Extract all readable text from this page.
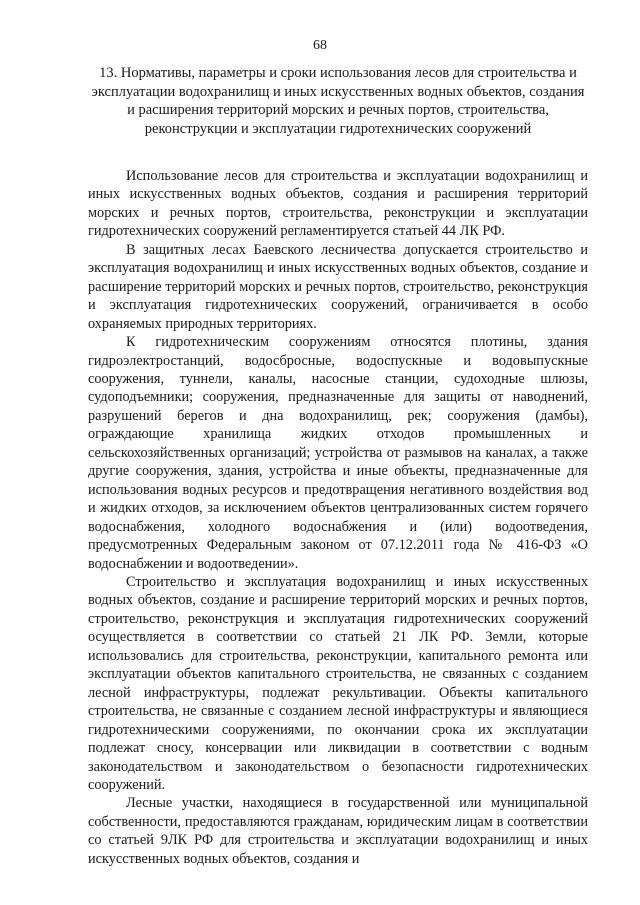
68
13. Нормативы, параметры и сроки использования лесов для строительства и эксплуатации водохранилищ и иных искусственных водных объектов, создания и расширения территорий морских и речных портов, строительства, реконструкции и эксплуатации гидротехнических сооружений

Использование лесов для строительства и эксплуатации водохранилищ и иных искусственных водных объектов, создания и расширения территорий морских и речных портов, строительства, реконструкции и эксплуатации гидротехнических сооружений регламентируется статьей 44 ЛК РФ.

В защитных лесах Баевского лесничества допускается строительство и эксплуатация водохранилищ и иных искусственных водных объектов, создание и расширение территорий морских и речных портов, строительство, реконструкция и эксплуатация гидротехнических сооружений, ограничивается в особо охраняемых природных территориях.

К гидротехническим сооружениям относятся плотины, здания гидроэлектростанций, водосбросные, водоспускные и водовыпускные сооружения, туннели, каналы, насосные станции, судоходные шлюзы, судоподъемники; сооружения, предназначенные для защиты от наводнений, разрушений берегов и дна водохранилищ, рек; сооружения (дамбы), ограждающие хранилища жидких отходов промышленных и сельскохозяйственных организаций; устройства от размывов на каналах, а также другие сооружения, здания, устройства и иные объекты, предназначенные для использования водных ресурсов и предотвращения негативного воздействия вод и жидких отходов, за исключением объектов централизованных систем горячего водоснабжения, холодного водоснабжения и (или) водоотведения, предусмотренных Федеральным законом от 07.12.2011 года № 416-ФЗ «О водоснабжении и водоотведении».

Строительство и эксплуатация водохранилищ и иных искусственных водных объектов, создание и расширение территорий морских и речных портов, строительство, реконструкция и эксплуатация гидротехнических сооружений осуществляется в соответствии со статьей 21 ЛК РФ. Земли, которые использовались для строительства, реконструкции, капитального ремонта или эксплуатации объектов капитального строительства, не связанных с созданием лесной инфраструктуры, подлежат рекультивации. Объекты капитального строительства, не связанные с созданием лесной инфраструктуры и являющиеся гидротехническими сооружениями, по окончании срока их эксплуатации подлежат сносу, консервации или ликвидации в соответствии с водным законодательством и законодательством о безопасности гидротехнических сооружений.

Лесные участки, находящиеся в государственной или муниципальной собственности, предоставляются гражданам, юридическим лицам в соответствии со статьей 9ЛК РФ для строительства и эксплуатации водохранилищ и иных искусственных водных объектов, создания и
